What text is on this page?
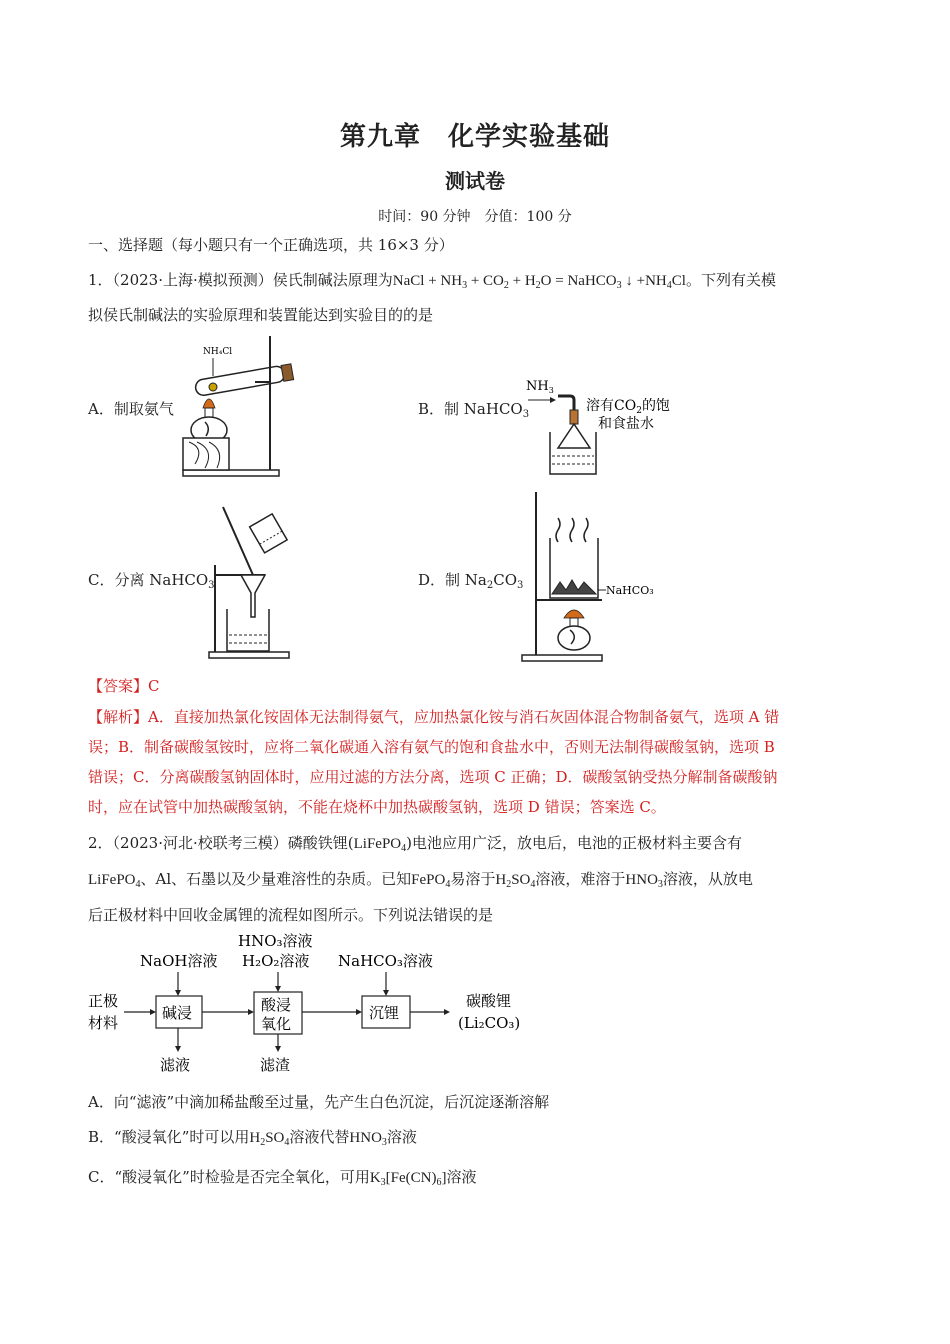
第九章　化学实验基础
测试卷
时间：90 分钟　分值：100 分
一、选择题（每小题只有一个正确选项，共 16×3 分）
1．（2023·上海·模拟预测）侯氏制碱法原理为NaCl + $NH_3 + CO_2 + H_2O$ = NaHCO$_3$ ↓ $+NH_4Cl$。下列有关模
拟侯氏制碱法的实验原理和装置能达到实验目的的是
A．制取氨气	B．制 NaHCO$_3$
C．分离 NaHCO$_3$	D．制 $Na_2CO_3$
NH₄Cl
$NH_3$
溶有$CO_2$的饱
和食盐水
NaHCO₃
【答案】C
【解析】A．直接加热氯化铵固体无法制得氨气，应加热氯化铵与消石灰固体混合物制备氨气，选项 A 错
误；B．制备碳酸氢铵时，应将二氧化碳通入溶有氨气的饱和食盐水中，否则无法制得碳酸氢钠，选项 B
错误；C．分离碳酸氢钠固体时，应用过滤的方法分离，选项 C 正确；D．碳酸氢钠受热分解制备碳酸钠
时，应在试管中加热碳酸氢钠，不能在烧杯中加热碳酸氢钠，选项 D 错误；答案选 C。
2．（2023·河北·校联考三模）磷酸铁锂(LiFePO$_4$)电池应用广泛，放电后，电池的正极材料主要含有
LiFePO$_4$、Al、石墨以及少量难溶性的杂质。已知FePO$_4$易溶于$H_2SO_4$溶液，难溶于$HNO_3$溶液，从放电
后正极材料中回收金属锂的流程如图所示。下列说法错误的是
正极
材料
NaOH溶液
碱浸
滤液
HNO₃溶液
H₂O₂溶液
酸浸
氧化
滤渣
NaHCO₃溶液
沉锂
碳酸锂
(Li₂CO₃)
A．向“滤液”中滴加稀盐酸至过量，先产生白色沉淀，后沉淀逐渐溶解
B．“酸浸氧化”时可以用$H_2SO_4$溶液代替$HNO_3$溶液
C．“酸浸氧化”时检验是否完全氧化，可用$K_3[Fe(CN)_6]$溶液
